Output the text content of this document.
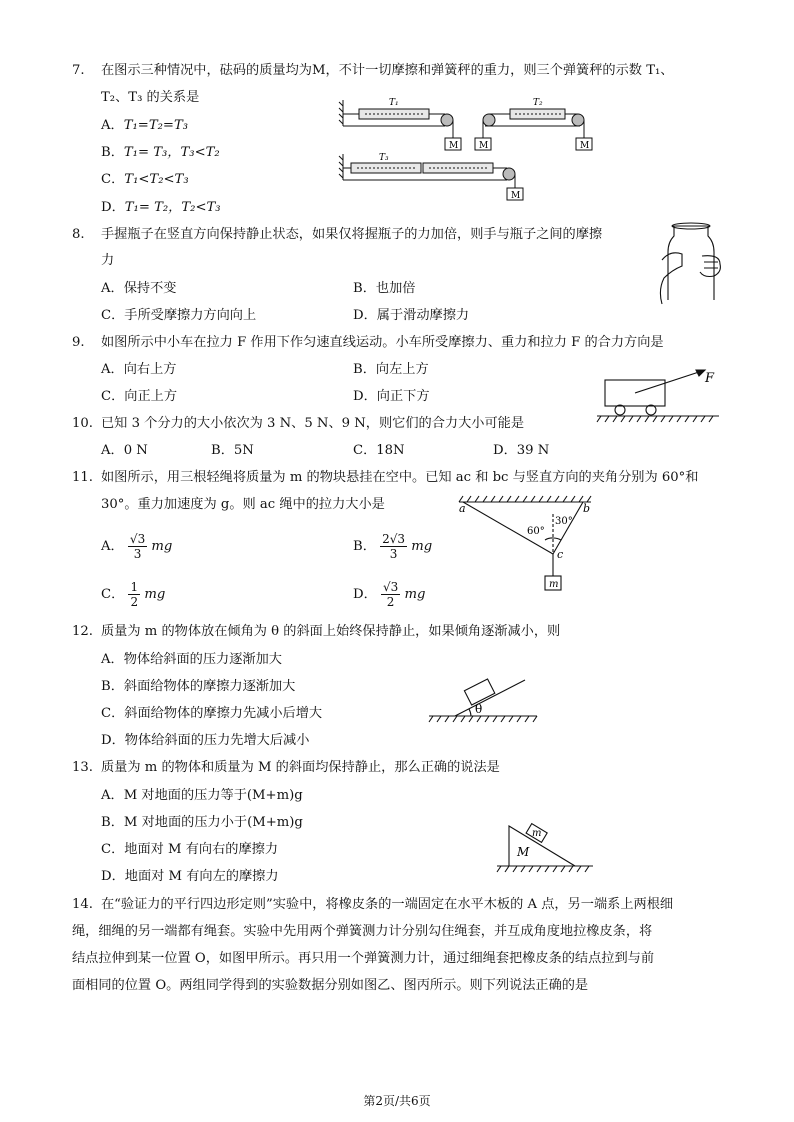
7. 在图示三种情况中，砝码的质量均为M，不计一切摩擦和弹簧秤的重力，则三个弹簧秤的示数 T₁、
T₂、T₃ 的关系是
A．T₁=T₂=T₃
B．T₁= T₃，T₃<T₂
C．T₁<T₂<T₃
D．T₁= T₂，T₂<T₃
T₁
M
T₂
M	M
T₃
M
8. 手握瓶子在竖直方向保持静止状态，如果仅将握瓶子的力加倍，则手与瓶子之间的摩擦
力
A．保持不变	B．也加倍
C．手所受摩擦力方向向上	D．属于滑动摩擦力
9. 如图所示中小车在拉力 F 作用下作匀速直线运动。小车所受摩擦力、重力和拉力 F 的合力方向是
A．向右上方	B．向左上方
C．向正上方	D．向正下方
F
10. 已知 3 个分力的大小依次为 3 N、5 N、9 N，则它们的合力大小可能是
A．0 N	B．5N	C．18N	D．39 N
11. 如图所示，用三根轻绳将质量为 m 的物块悬挂在空中。已知 ac 和 bc 与竖直方向的夹角分别为 60°和
30°。重力加速度为 g。则 ac 绳中的拉力大小是
A． $\frac{√3}{3}$ mg	B． $\frac{2√3}{3}$ mg
C． $\frac{1}{2}$ mg	D． $\frac{√3}{2}$ mg
a	b
c
60°
30°
m
12. 质量为 m 的物体放在倾角为 θ 的斜面上始终保持静止，如果倾角逐渐减小，则
A．物体给斜面的压力逐渐加大
B．斜面给物体的摩擦力逐渐加大
C．斜面给物体的摩擦力先减小后增大
D．物体给斜面的压力先增大后减小
θ
13. 质量为 m 的物体和质量为 M 的斜面均保持静止，那么正确的说法是
A．M 对地面的压力等于(M+m)g
B．M 对地面的压力小于(M+m)g
C．地面对 M 有向右的摩擦力
D．地面对 M 有向左的摩擦力
m
M
14. 在“验证力的平行四边形定则”实验中，将橡皮条的一端固定在水平木板的 A 点，另一端系上两根细
绳，细绳的另一端都有绳套。实验中先用两个弹簧测力计分别勾住绳套，并互成角度地拉橡皮条，将
结点拉伸到某一位置 O，如图甲所示。再只用一个弹簧测力计，通过细绳套把橡皮条的结点拉到与前
面相同的位置 O。两组同学得到的实验数据分别如图乙、图丙所示。则下列说法正确的是
第2页/共6页
